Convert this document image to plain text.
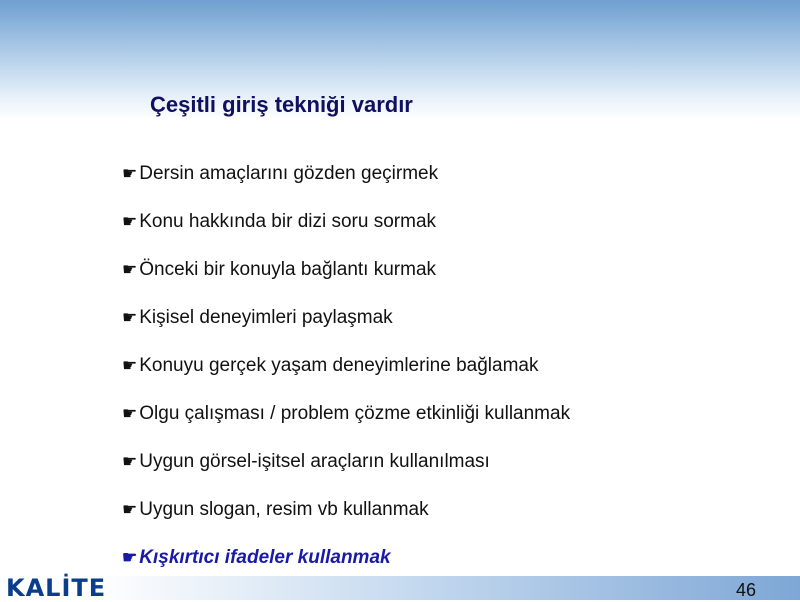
Çeşitli giriş tekniği vardır
☛ Dersin amaçlarını gözden geçirmek
☛ Konu hakkında bir dizi soru sormak
☛ Önceki bir konuyla bağlantı kurmak
☛ Kişisel deneyimleri paylaşmak
☛ Konuyu gerçek yaşam deneyimlerine bağlamak
☛ Olgu çalışması / problem çözme etkinliği kullanmak
☛ Uygun görsel-işitsel araçların kullanılması
☛ Uygun slogan, resim vb kullanmak
☛ Kışkırtıcı ifadeler kullanmak
KALİTE	46
